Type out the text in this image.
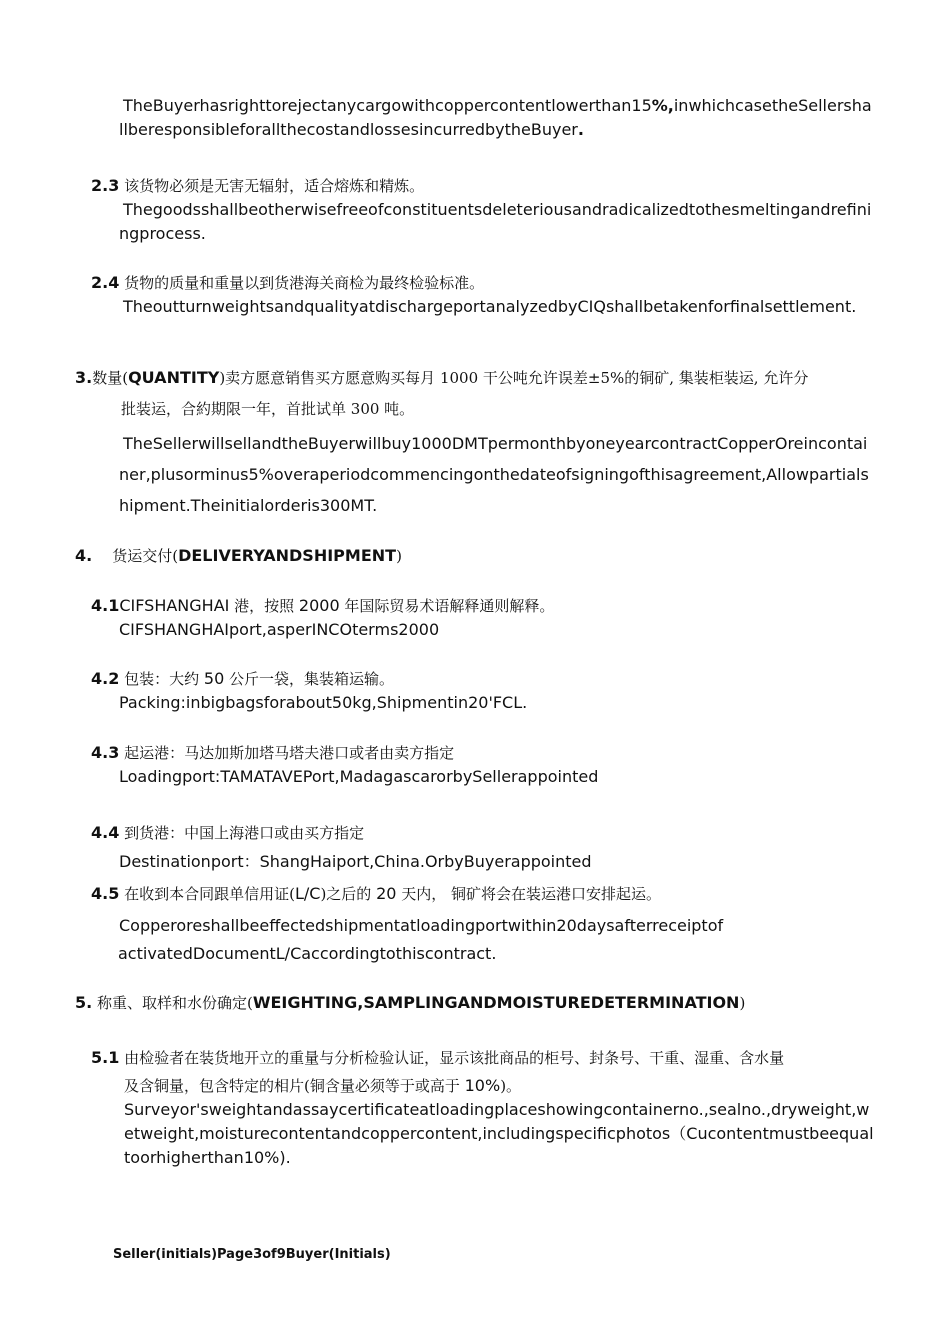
TheBuyerhasrighttorejectanycargowithcoppercontentlowerthan15%,inwhichcasetheSellershallberesponsibleforallthecostandlossesincurredbytheBuyer.
2.3 该货物必须是无害无辐射，适合熔炼和精炼。
Thegoodsshallbeotherwisefreeofconstituentsdeleteriousandradicalizedtothesmeltingandrefiningprocess.
2.4 货物的质量和重量以到货港海关商检为最终检验标准。
TheoutturnweightsandqualityatdischargeportanalyzedbyCIQshallbetakenforfinalsettlement.
3.数量(QUANTITY)卖方愿意销售买方愿意购买每月 1000 干公吨允许误差±5%的铜矿, 集装柜装运, 允许分
批装运，合約期限一年，首批试单 300 吨。
TheSellerwillsellandtheBuyerwillbuy1000DMTpermonthbyoneyearcontractCopperOreincontainer,plusorminus5%overaperiodcommencingonthedateofsigningofthisagreement,Allowpartialshipment.Theinitialorderis300MT.
4. 货运交付(DELIVERYANDSHIPMENT)
4.1CIFSHANGHAI 港，按照 2000 年国际贸易术语解释通则解释。
CIFSHANGHAIport,asperINCOterms2000
4.2 包装：大约 50 公斤一袋，集装箱运输。
Packing:inbigbagsforabout50kg,Shipmentin20'FCL.
4.3 起运港：马达加斯加塔马塔夫港口或者由卖方指定
Loadingport:TAMATAVEPort,MadagascarorbySellerappointed
4.4 到货港：中国上海港口或由买方指定
Destinationport：ShangHaiport,China.OrbyBuyerappointed
4.5 在收到本合同跟单信用证(L/C)之后的 20 天内， 铜矿将会在装运港口安排起运。
Copperoreshallbeeffectedshipmentatloadingportwithin20daysafterreceiptof
activatedDocumentL/Caccordingtothiscontract.
5. 称重、取样和水份确定(WEIGHTING,SAMPLINGANDMOISTUREDETERMINATION)
5.1 由检验者在装货地开立的重量与分析检验认证，显示该批商品的柜号、封条号、干重、湿重、含水量
及含铜量，包含特定的相片(铜含量必须等于或高于 10%)。
Surveyor'sweightandassaycertificateatloadingplaceshowingcontainerno.,sealno.,dryweight,wetweight,moisturecontentandcoppercontent,includingspecificphotos（Cucontentmustbeequaltoorhigherthan10%).
Seller(initials)Page3of9Buyer(Initials)
